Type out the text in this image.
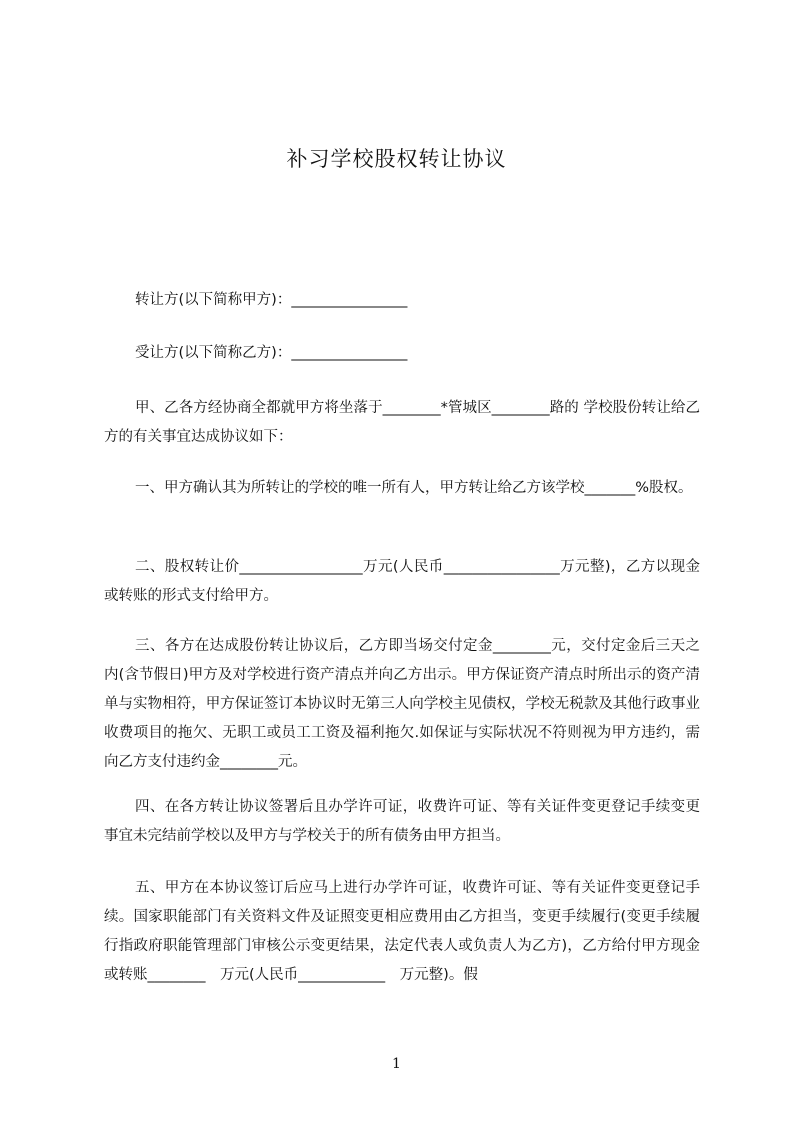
补习学校股权转让协议

转让方(以下简称甲方)：________________

受让方(以下简称乙方)：________________

甲、乙各方经协商全都就甲方将坐落于________*管城区________路的 学校股份转让给乙方的有关事宜达成协议如下：

一、甲方确认其为所转让的学校的唯一所有人，甲方转让给乙方该学校_______%股权。

二、股权转让价_________________万元(人民币________________万元整)，乙方以现金或转账的形式支付给甲方。

三、各方在达成股份转让协议后，乙方即当场交付定金________元，交付定金后三天之内(含节假日)甲方及对学校进行资产清点并向乙方出示。甲方保证资产清点时所出示的资产清单与实物相符，甲方保证签订本协议时无第三人向学校主见债权，学校无税款及其他行政事业收费项目的拖欠、无职工或员工工资及福利拖欠.如保证与实际状况不符则视为甲方违约，需向乙方支付违约金________元。

四、在各方转让协议签署后且办学许可证，收费许可证、等有关证件变更登记手续变更事宜未完结前学校以及甲方与学校关于的所有债务由甲方担当。

五、甲方在本协议签订后应马上进行办学许可证，收费许可证、等有关证件变更登记手续。国家职能部门有关资料文件及证照变更相应费用由乙方担当，变更手续履行(变更手续履行指政府职能管理部门审核公示变更结果，法定代表人或负责人为乙方)，乙方给付甲方现金或转账________　万元(人民币____________　万元整)。假

1
